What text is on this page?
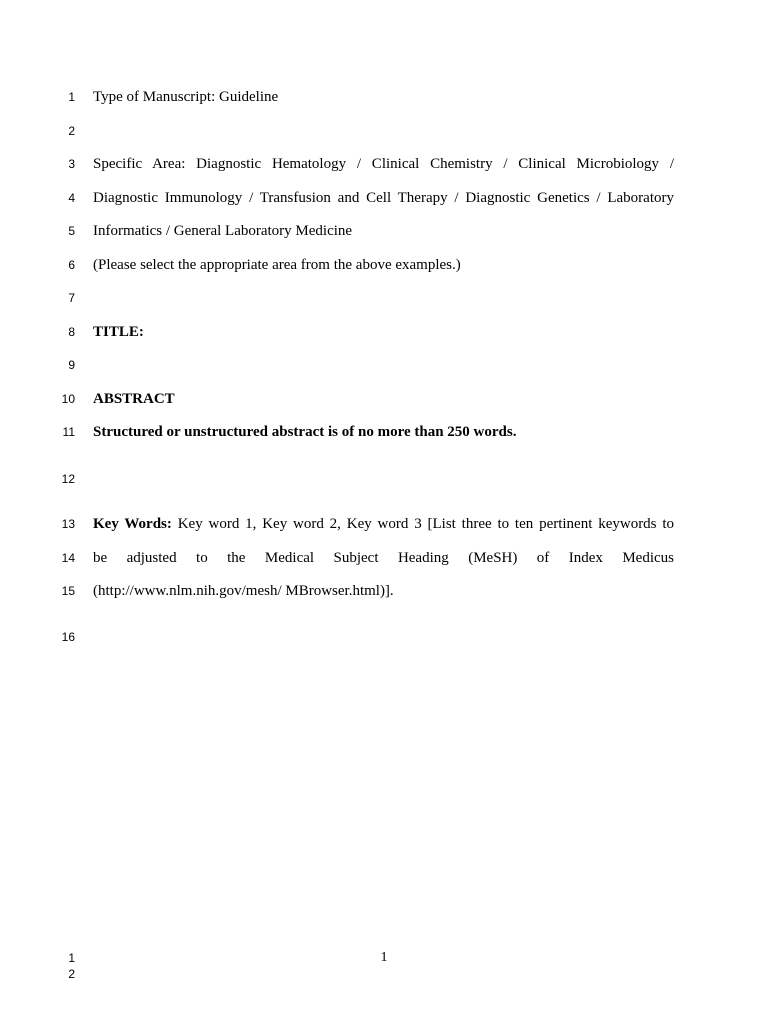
1
2
3
4
5
6
7
8
9
10
11
12
13
14
15
16
Type of Manuscript: Guideline
Specific Area: Diagnostic Hematology / Clinical Chemistry / Clinical Microbiology /
Diagnostic Immunology / Transfusion and Cell Therapy / Diagnostic Genetics / Laboratory
Informatics / General Laboratory Medicine
(Please select the appropriate area from the above examples.)
TITLE:
ABSTRACT
Structured or unstructured abstract is of no more than 250 words.
Key Words: Key word 1, Key word 2, Key word 3 [List three to ten pertinent keywords to
be adjusted to the Medical Subject Heading (MeSH) of Index Medicus
(http://www.nlm.nih.gov/mesh/ MBrowser.html)].
1
1
2
